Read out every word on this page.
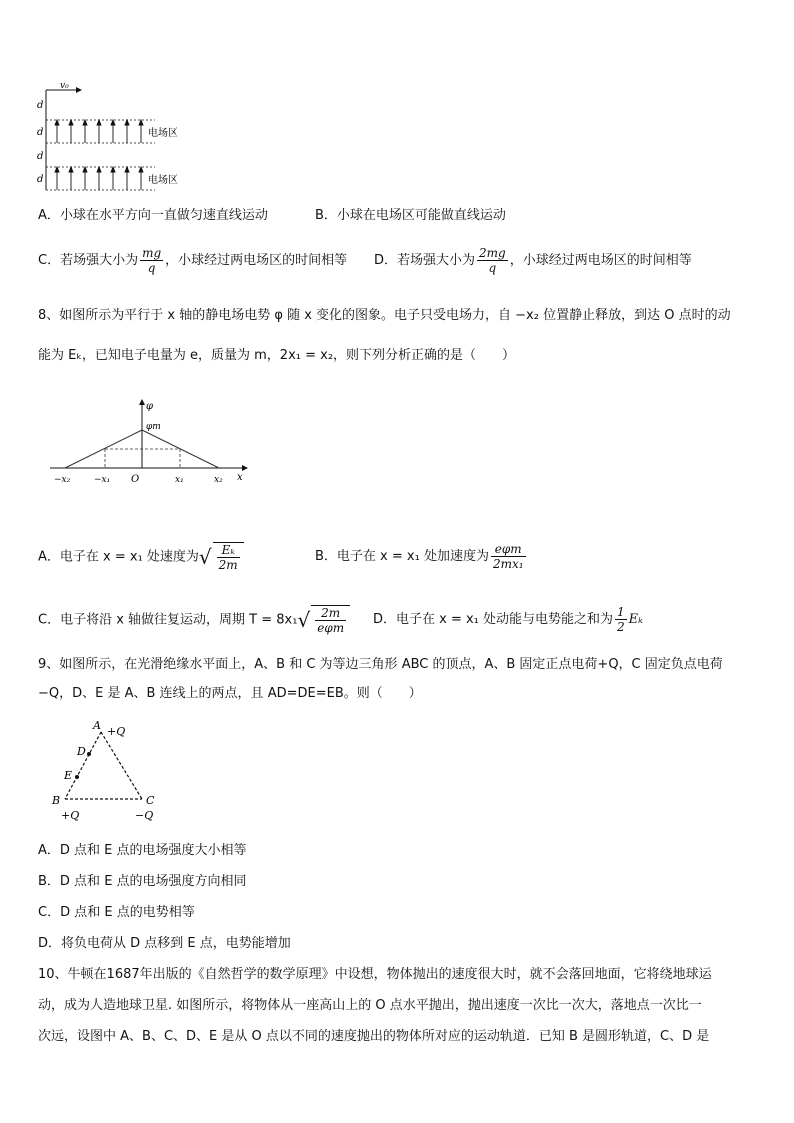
v₀
d
d
d
d
电场区
电场区
A．小球在水平方向一直做匀速直线运动	B．小球在电场区可能做直线运动
C．若场强大小为 $\frac{mg}{q}$ ，小球经过两电场区的时间相等 D．若场强大小为 $\frac{2mg}{q}$ ，小球经过两电场区的时间相等
8、如图所示为平行于 x 轴的静电场电势 φ 随 x 变化的图象。电子只受电场力，自 −x₂ 位置静止释放，到达 O 点时的动
能为 Eₖ，已知电子电量为 e，质量为 m，2x₁ = x₂，则下列分析正确的是（　　）
φ
φm
x
O
−x₂	−x₁	x₁	x₂
A．电子在 x = x₁ 处速度为√ $\frac{\text{Eₖ}}{2m}$	B．电子在 x = x₁ 处加速度为 $\frac{\text{eφm}}{\text{2mx₁}}$
C．电子将沿 x 轴做往复运动，周期 $T = 8x_1√ \frac{2m}{\text{eφm}}$ D．电子在 x = x₁ 处动能与电势能之和为 $\frac{1}{2}$ Eₖ
9、如图所示，在光滑绝缘水平面上，A、B 和 C 为等边三角形 ABC 的顶点，A、B 固定正点电荷+Q，C 固定负点电荷
−Q，D、E 是 A、B 连线上的两点，且 AD=DE=EB。则（　　）
A +Q
D
E
B
+Q
C
−Q
A．D 点和 E 点的电场强度大小相等
B．D 点和 E 点的电场强度方向相同
C．D 点和 E 点的电势相等
D．将负电荷从 D 点移到 E 点，电势能增加
10、牛顿在1687年出版的《自然哲学的数学原理》中设想，物体抛出的速度很大时，就不会落回地面，它将绕地球运
动，成为人造地球卫星. 如图所示，将物体从一座高山上的 O 点水平抛出，抛出速度一次比一次大，落地点一次比一
次远，设图中 A、B、C、D、E 是从 O 点以不同的速度抛出的物体所对应的运动轨道．已知 B 是圆形轨道，C、D 是
